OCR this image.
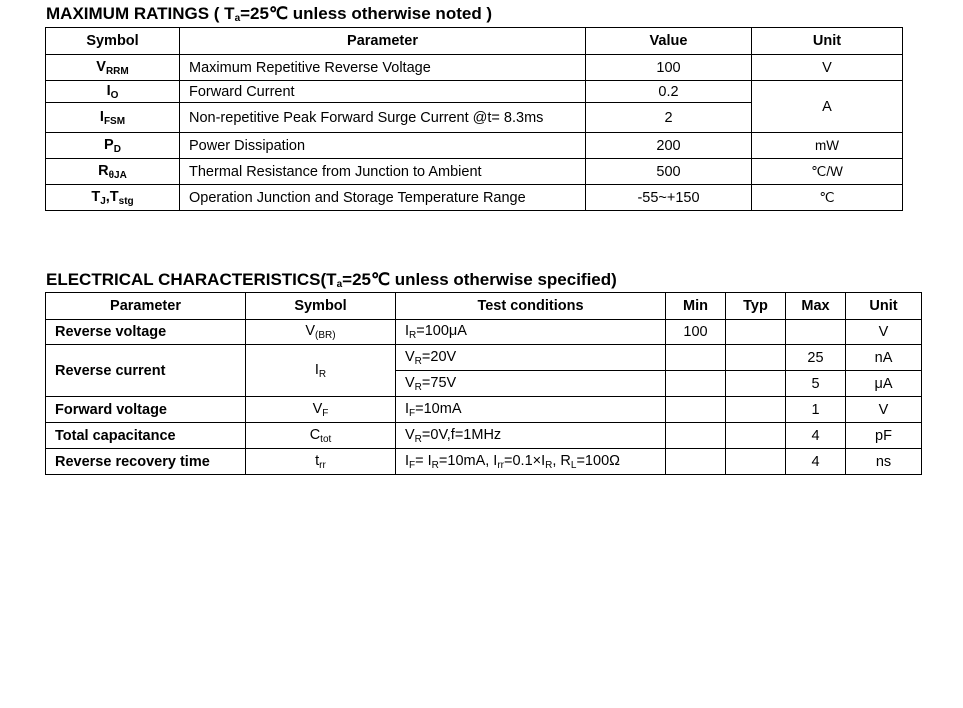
MAXIMUM RATINGS ( $T_a=25℃$ unless otherwise noted )
Symbol	Parameter	Value	Unit
$V_{RRM}$	Maximum Repetitive Reverse Voltage	100	V
$I_O$	Forward Current	0.2	A
$I_{FSM}$	Non-repetitive Peak Forward Surge Current @t= 8.3ms	2	
$P_D$	Power Dissipation	200	mW
$R_{\theta JA}$	Thermal Resistance from Junction to Ambient	500	℃/W
$T_J,T_{stg}$	Operation Junction and Storage Temperature Range	-55~+150	℃
ELECTRICAL $CHARACTERISTICS(T_a=25℃$ unless otherwise specified)
Parameter	Symbol	Test conditions	Min	Typ	Max	Unit
Reverse voltage	$V_{(BR)}$	$I_R=100\mu A$	100			V
Reverse current	$I_R$	$V_R=20V$			25	nA
		$V_R=75V$			5	μA
Forward voltage	$V_F$	$I_F=10mA$			1	V
Total capacitance	$C_{tot}$	$V_R=0V,f=1MHz$			4	pF
Reverse recovery time	$t_{rr}$	$I_F= I_R=10mA$, $I_{rr}=0.1\times I_R$, $R_L=100\Omega$			4	ns
